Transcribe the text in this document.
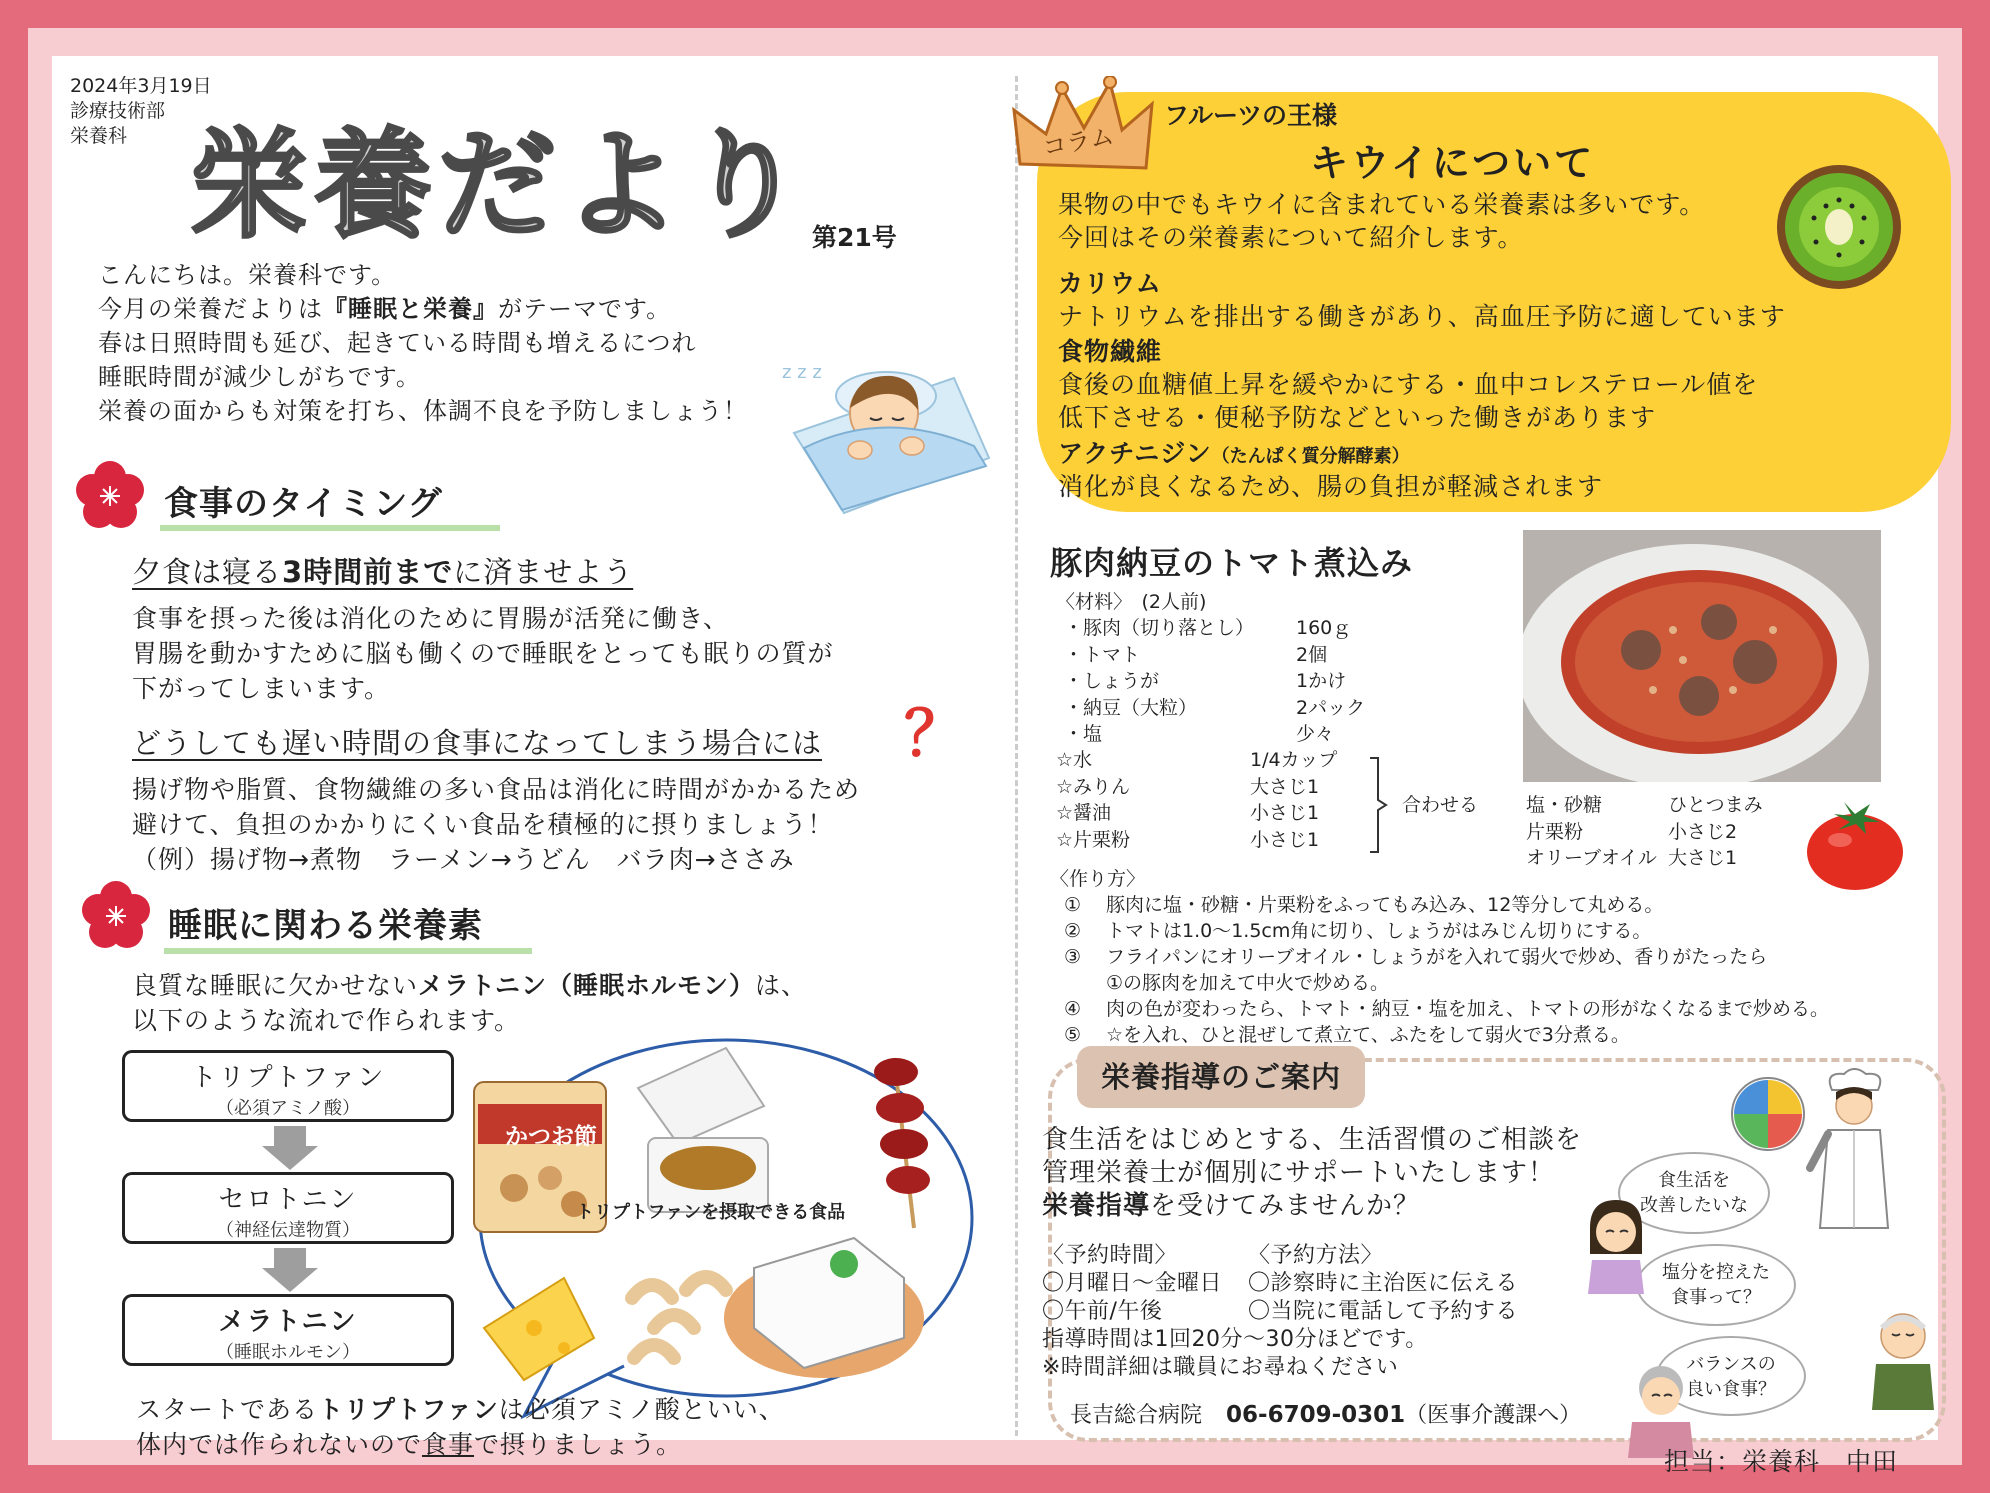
2024年3月19日
診療技術部
栄養科 栄養だより 第21号
こんにちは。栄養科です。
今月の栄養だよりは『睡眠と栄養』がテーマです。
春は日照時間も延び、起きている時間も増えるにつれ
睡眠時間が減少しがちです。
栄養の面からも対策を打ち、体調不良を予防しましょう！
z z z
食事のタイミング
夕食は寝る3時間前までに済ませよう
食事を摂った後は消化のために胃腸が活発に働き、
胃腸を動かすために脳も働くので睡眠をとっても眠りの質が
下がってしまいます。
どうしても遅い時間の食事になってしまう場合には ？
揚げ物や脂質、食物繊維の多い食品は消化に時間がかかるため
避けて、負担のかかりにくい食品を積極的に摂りましょう！
（例）揚げ物→煮物　ラーメン→うどん　バラ肉→ささみ
睡眠に関わる栄養素
良質な睡眠に欠かせないメラトニン（睡眠ホルモン）は、
以下のような流れで作られます。
トリプトファン
（必須アミノ酸）
セロトニン
（神経伝達物質）
メラトニン
（睡眠ホルモン）
かつお節
トリプトファンを摂取できる食品
スタートであるトリプトファンは必須アミノ酸といい、
体内では作られないので食事で摂りましょう。
コラム
フルーツの王様
キウイについて
果物の中でもキウイに含まれている栄養素は多いです。
今回はその栄養素について紹介します。
カリウム
ナトリウムを排出する働きがあり、高血圧予防に適しています
食物繊維
食後の血糖値上昇を緩やかにする・血中コレステロール値を
低下させる・便秘予防などといった働きがあります
アクチニジン（たんぱく質分解酵素）
消化が良くなるため、腸の負担が軽減されます
豚肉納豆のトマト煮込み
〈材料〉　(2人前)
・豚肉（切り落とし）
・トマト
・しょうが
・納豆（大粒）
・塩
160ｇ
2個
1かけ
2パック
少々
☆水
☆みりん
☆醤油
☆片栗粉
1/4カップ
大さじ1
小さじ1
小さじ1
合わせる	塩・砂糖
片栗粉
オリーブオイル
ひとつまみ
小さじ2
大さじ1
〈作り方〉
① 豚肉に塩・砂糖・片栗粉をふってもみ込み、12等分して丸める。
② トマトは1.0～1.5cm角に切り、しょうがはみじん切りにする。
③ フライパンにオリーブオイル・しょうがを入れて弱火で炒め、香りがたったら
①の豚肉を加えて中火で炒める。
④ 肉の色が変わったら、トマト・納豆・塩を加え、トマトの形がなくなるまで炒める。
⑤ ☆を入れ、ひと混ぜして煮立て、ふたをして弱火で3分煮る。
栄養指導のご案内
食生活をはじめとする、生活習慣のご相談を
管理栄養士が個別にサポートいたします！
栄養指導を受けてみませんか？
〈予約時間〉
〇月曜日～金曜日
〇午前/午後
〈予約方法〉
〇診察時に主治医に伝える
〇当院に電話して予約する
指導時間は1回20分～30分ほどです。
※時間詳細は職員にお尋ねください
長吉総合病院 06-6709-0301（医事介護課へ）
食生活を
改善したいな
塩分を控えた
食事って？
バランスの
良い食事？
担当：栄養科　中田
